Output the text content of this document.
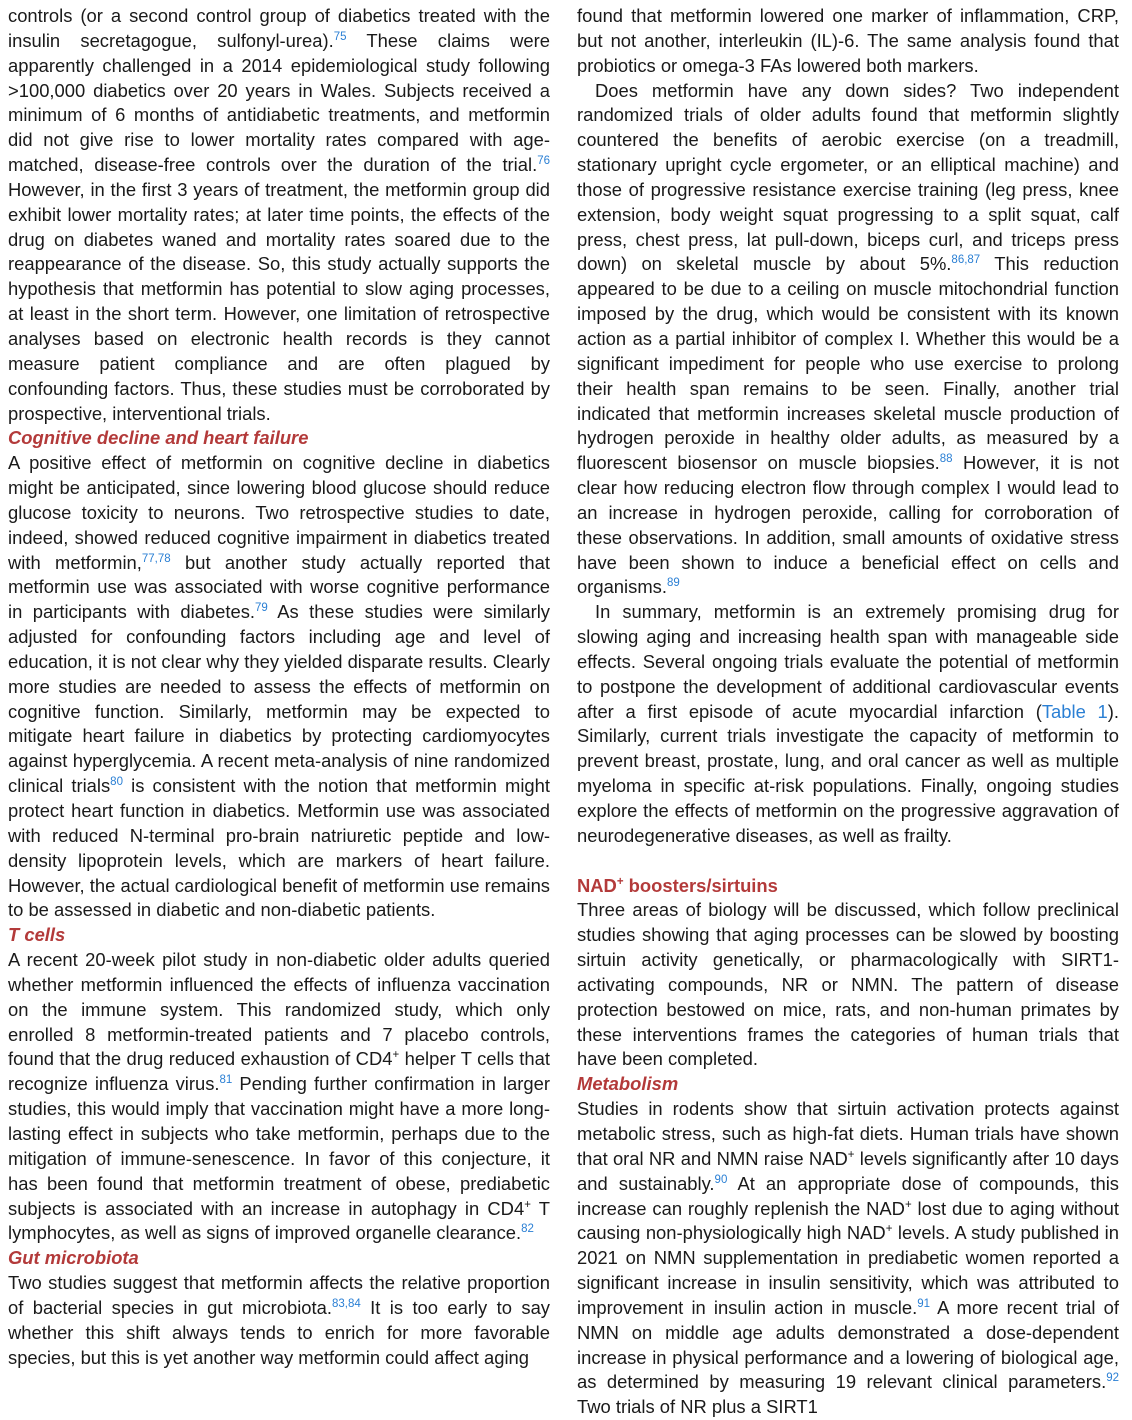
controls (or a second control group of diabetics treated with the insulin secretagogue, sulfonyl-urea).$^{75}$ These claims were apparently challenged in a 2014 epidemiological study following >100,000 diabetics over 20 years in Wales. Subjects received a minimum of 6 months of antidiabetic treatments, and metformin did not give rise to lower mortality rates compared with age-matched, disease-free controls over the duration of the trial.$^{76}$ However, in the first 3 years of treatment, the metformin group did exhibit lower mortality rates; at later time points, the effects of the drug on diabetes waned and mortality rates soared due to the reappearance of the disease. So, this study actually supports the hypothesis that metformin has potential to slow aging processes, at least in the short term. However, one limitation of retrospective analyses based on electronic health records is they cannot measure patient compliance and are often plagued by confounding factors. Thus, these studies must be corroborated by prospective, interventional trials.

Cognitive decline and heart failure

A positive effect of metformin on cognitive decline in diabetics might be anticipated, since lowering blood glucose should reduce glucose toxicity to neurons. Two retrospective studies to date, indeed, showed reduced cognitive impairment in diabetics treated with metformin,$^{77,78}$ but another study actually reported that metformin use was associated with worse cognitive performance in participants with diabetes.$^{79}$ As these studies were similarly adjusted for confounding factors including age and level of education, it is not clear why they yielded disparate results. Clearly more studies are needed to assess the effects of metformin on cognitive function. Similarly, metformin may be expected to mitigate heart failure in diabetics by protecting cardiomyocytes against hyperglycemia. A recent meta-analysis of nine randomized clinical trials$^{80}$ is consistent with the notion that metformin might protect heart function in diabetics. Metformin use was associated with reduced N-terminal pro-brain natriuretic peptide and low-density lipoprotein levels, which are markers of heart failure. However, the actual cardiological benefit of metformin use remains to be assessed in diabetic and non-diabetic patients.

T cells

A recent 20-week pilot study in non-diabetic older adults queried whether metformin influenced the effects of influenza vaccination on the immune system. This randomized study, which only enrolled 8 metformin-treated patients and 7 placebo controls, found that the drug reduced exhaustion of CD4+ helper T cells that recognize influenza virus.$^{81}$ Pending further confirmation in larger studies, this would imply that vaccination might have a more long-lasting effect in subjects who take metformin, perhaps due to the mitigation of immune-senescence. In favor of this conjecture, it has been found that metformin treatment of obese, prediabetic subjects is associated with an increase in autophagy in CD4+ T lymphocytes, as well as signs of improved organelle clearance.$^{82}$

Gut microbiota

Two studies suggest that metformin affects the relative proportion of bacterial species in gut microbiota.$^{83,84}$ It is too early to say whether this shift always tends to enrich for more favorable species, but this is yet another way metformin could affect aging

found that metformin lowered one marker of inflammation, CRP, but not another, interleukin (IL)-6. The same analysis found that probiotics or omega-3 FAs lowered both markers.

Does metformin have any down sides? Two independent randomized trials of older adults found that metformin slightly countered the benefits of aerobic exercise (on a treadmill, stationary upright cycle ergometer, or an elliptical machine) and those of progressive resistance exercise training (leg press, knee extension, body weight squat progressing to a split squat, calf press, chest press, lat pull-down, biceps curl, and triceps press down) on skeletal muscle by about 5%.$^{86,87}$ This reduction appeared to be due to a ceiling on muscle mitochondrial function imposed by the drug, which would be consistent with its known action as a partial inhibitor of complex I. Whether this would be a significant impediment for people who use exercise to prolong their health span remains to be seen. Finally, another trial indicated that metformin increases skeletal muscle production of hydrogen peroxide in healthy older adults, as measured by a fluorescent biosensor on muscle biopsies.$^{88}$ However, it is not clear how reducing electron flow through complex I would lead to an increase in hydrogen peroxide, calling for corroboration of these observations. In addition, small amounts of oxidative stress have been shown to induce a beneficial effect on cells and organisms.$^{89}$

In summary, metformin is an extremely promising drug for slowing aging and increasing health span with manageable side effects. Several ongoing trials evaluate the potential of metformin to postpone the development of additional cardiovascular events after a first episode of acute myocardial infarction (Table 1). Similarly, current trials investigate the capacity of metformin to prevent breast, prostate, lung, and oral cancer as well as multiple myeloma in specific at-risk populations. Finally, ongoing studies explore the effects of metformin on the progressive aggravation of neurodegenerative diseases, as well as frailty.

NAD+ boosters/sirtuins

Three areas of biology will be discussed, which follow preclinical studies showing that aging processes can be slowed by boosting sirtuin activity genetically, or pharmacologically with SIRT1-activating compounds, NR or NMN. The pattern of disease protection bestowed on mice, rats, and non-human primates by these interventions frames the categories of human trials that have been completed.

Metabolism

Studies in rodents show that sirtuin activation protects against metabolic stress, such as high-fat diets. Human trials have shown that oral NR and NMN raise NAD+ levels significantly after 10 days and sustainably.$^{90}$ At an appropriate dose of compounds, this increase can roughly replenish the NAD+ lost due to aging without causing non-physiologically high NAD+ levels. A study published in 2021 on NMN supplementation in prediabetic women reported a significant increase in insulin sensitivity, which was attributed to improvement in insulin action in muscle.$^{91}$ A more recent trial of NMN on middle age adults demonstrated a dose-dependent increase in physical performance and a lowering of biological age, as determined by measuring 19 relevant clinical parameters.$^{92}$ Two trials of NR plus a SIRT1
